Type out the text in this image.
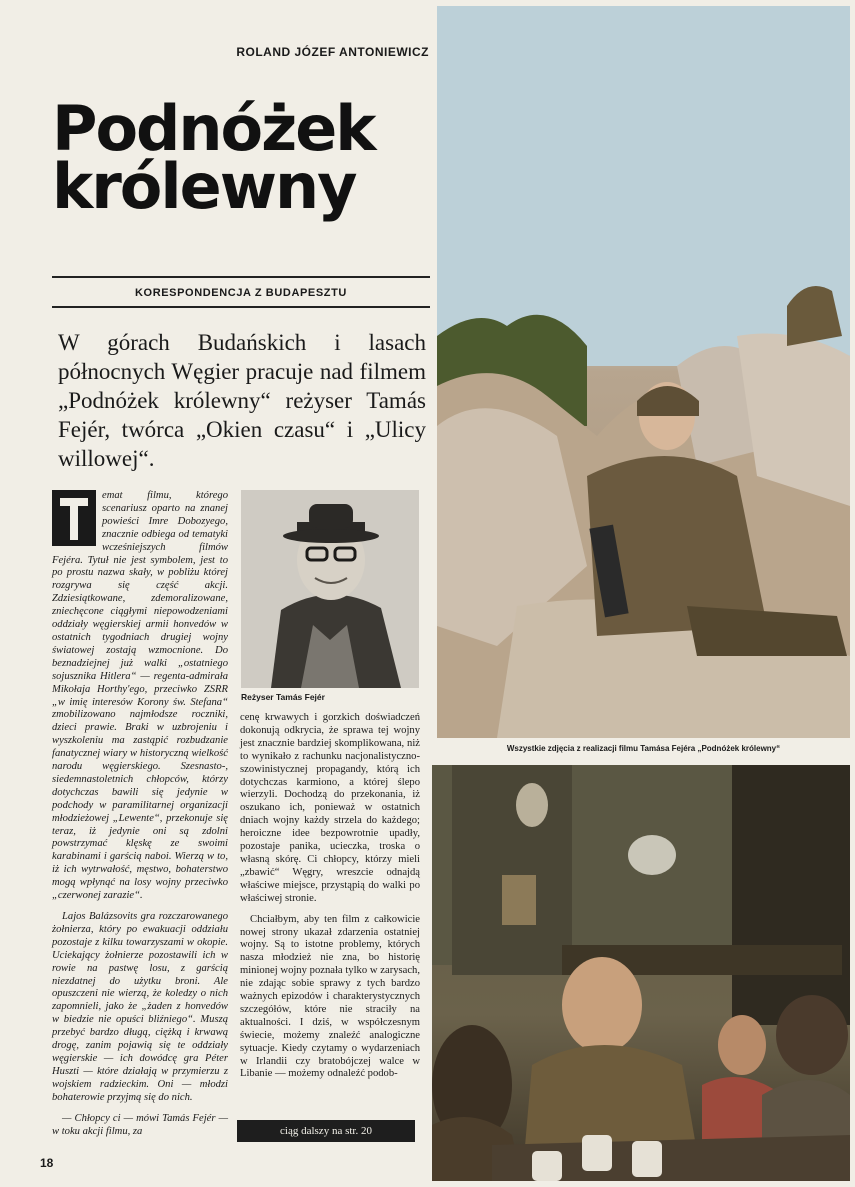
ROLAND JÓZEF ANTONIEWICZ
Podnóżek
królewny
KORESPONDENCJA Z BUDAPESZTU
W górach Budańskich i lasach północnych Węgier pracuje nad filmem „Podnóżek królewny“ reżyser Tamás Fejér, twórca „Okien czasu“ i „Ulicy willowej“.

emat filmu, którego scenariusz oparto na znanej powieści Imre Dobozyego, znacznie odbiega od tematyki wcześniejszych filmów Fejéra. Tytuł nie jest symbolem, jest to po prostu nazwa skały, w pobliżu której rozgrywa się część akcji. Zdziesiątkowane, zdemoralizowane, zniechęcone ciągłymi niepowodzeniami oddziały węgierskiej armii honvedów w ostatnich tygodniach drugiej wojny światowej zostają wzmocnione. Do beznadziejnej już walki „ostatniego sojusznika Hitlera“ — regenta-admirała Mikołaja Horthy'ego, przeciwko ZSRR „w imię interesów Korony św. Stefana“ zmobilizowano najmłodsze roczniki, dzieci prawie. Braki w uzbrojeniu i wyszkoleniu ma zastąpić rozbudzanie fanatycznej wiary w historyczną wielkość narodu węgierskiego. Szesnasto-, siedemnastoletnich chłopców, którzy dotychczas bawili się jedynie w podchody w paramilitarnej organizacji młodzieżowej „Lewente“, przekonuje się teraz, iż jedynie oni są zdolni powstrzymać klęskę ze swoimi karabinami i garścią naboi. Wierzą w to, iż ich wytrwałość, męstwo, bohaterstwo mogą wpłynąć na losy wojny przeciwko „czerwonej zarazie“.

Lajos Balázsovits gra rozczarowanego żołnierza, który po ewakuacji oddziału pozostaje z kilku towarzyszami w okopie. Uciekający żołnierze pozostawili ich w rowie na pastwę losu, z garścią niezdatnej do użytku broni. Ale opuszczeni nie wierzą, że koledzy o nich zapomnieli, jako że „żaden z honvedów w biedzie nie opuści bliźniego“. Muszą przebyć bardzo długą, ciężką i krwawą drogę, zanim pojawią się te oddziały węgierskie — ich dowódcę gra Péter Huszti — które działają w przymierzu z wojskiem radzieckim. Oni — młodzi bohaterowie przyjmą się do nich.

— Chłopcy ci — mówi Tamás Fejér — w toku akcji filmu, za

Reżyser Tamás Fejér

cenę krwawych i gorzkich doświadczeń dokonują odkrycia, że sprawa tej wojny jest znacznie bardziej skomplikowana, niż to wynikało z rachunku nacjonalistyczno-szowinistycznej propagandy, którą ich dotychczas karmiono, a której ślepo wierzyli. Dochodzą do przekonania, iż oszukano ich, ponieważ w ostatnich dniach wojny każdy strzela do każdego; heroiczne idee bezpowrotnie upadły, pozostaje panika, ucieczka, troska o własną skórę. Ci chłopcy, którzy mieli „zbawić“ Węgry, wreszcie odnajdą właściwe miejsce, przystąpią do walki po właściwej stronie.

Chciałbym, aby ten film z całkowicie nowej strony ukazał zdarzenia ostatniej wojny. Są to istotne problemy, których nasza młodzież nie zna, bo historię minionej wojny poznała tylko w zarysach, nie zdając sobie sprawy z tych bardzo ważnych epizodów i charakterystycznych szczegółów, które nie straciły na aktualności. I dziś, w współczesnym świecie, możemy znaleźć analogiczne sytuacje. Kiedy czytamy o wydarzeniach w Irlandii czy bratobójczej walce w Libanie — możemy odnaleźć podob-

ciąg dalszy na str. 20
18
Wszystkie zdjęcia z realizacji filmu Tamása Fejéra „Podnóżek królewny“
